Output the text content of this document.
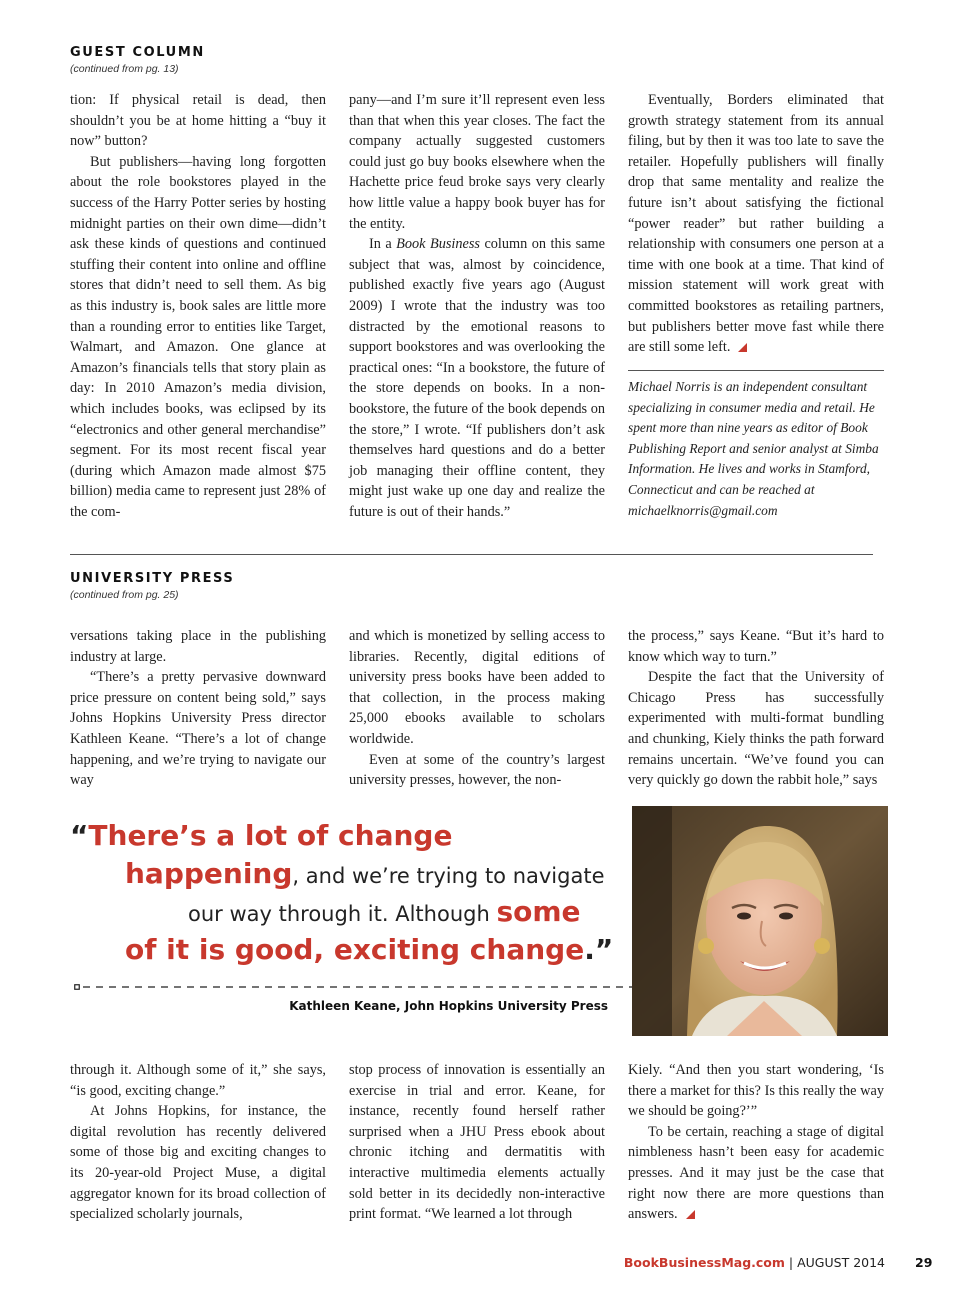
GUEST COLUMN
(continued from pg. 13)

tion: If physical retail is dead, then shouldn’t you be at home hitting a “buy it now” button?

But publishers—having long forgotten about the role bookstores played in the success of the Harry Potter series by hosting midnight parties on their own dime—didn’t ask these kinds of questions and continued stuffing their content into online and offline stores that didn’t need to sell them. As big as this industry is, book sales are little more than a rounding error to entities like Target, Walmart, and Amazon. One glance at Amazon’s financials tells that story plain as day: In 2010 Amazon’s media division, which includes books, was eclipsed by its “electronics and other general merchandise” segment. For its most recent fiscal year (during which Amazon made almost $75 billion) media came to represent just 28% of the com-

pany—and I’m sure it’ll represent even less than that when this year closes. The fact the company actually suggested customers could just go buy books elsewhere when the Hachette price feud broke says very clearly how little value a happy book buyer has for the entity.

In a Book Business column on this same subject that was, almost by coincidence, published exactly five years ago (August 2009) I wrote that the industry was too distracted by the emotional reasons to support bookstores and was overlooking the practical ones: “In a bookstore, the future of the store depends on books. In a non-bookstore, the future of the book depends on the store,” I wrote. “If publishers don’t ask themselves hard questions and do a better job managing their offline content, they might just wake up one day and realize the future is out of their hands.”

Eventually, Borders eliminated that growth strategy statement from its annual filing, but by then it was too late to save the retailer. Hopefully publishers will finally drop that same mentality and realize the future isn’t about satisfying the fictional “power reader” but rather building a relationship with consumers one person at a time with one book at a time. That kind of mission statement will work great with committed bookstores as retailing partners, but publishers better move fast while there are still some left.

Michael Norris is an independent consultant specializing in consumer media and retail. He spent more than nine years as editor of Book Publishing Report and senior analyst at Simba Information. He lives and works in Stamford, Connecticut and can be reached at michaelknorris@gmail.com
UNIVERSITY PRESS
(continued from pg. 25)

versations taking place in the publishing industry at large.

“There’s a pretty pervasive downward price pressure on content being sold,” says Johns Hopkins University Press director Kathleen Keane. “There’s a lot of change happening, and we’re trying to navigate our way

and which is monetized by selling access to libraries. Recently, digital editions of university press books have been added to that collection, in the process making 25,000 ebooks available to scholars worldwide.

Even at some of the country’s largest university presses, however, the non-

the process,” says Keane. “But it’s hard to know which way to turn.”

Despite the fact that the University of Chicago Press has successfully experimented with multi-format bundling and chunking, Kiely thinks the path forward remains uncertain. “We’ve found you can very quickly go down the rabbit hole,” says

“There’s a lot of change
happening, and we’re trying to navigate
our way through it. Although some
of it is good, exciting change.”
Kathleen Keane, John Hopkins University Press

through it. Although some of it,” she says, “is good, exciting change.”

At Johns Hopkins, for instance, the digital revolution has recently delivered some of those big and exciting changes to its 20-year-old Project Muse, a digital aggregator known for its broad collection of specialized scholarly journals,

stop process of innovation is essentially an exercise in trial and error. Keane, for instance, recently found herself rather surprised when a JHU Press ebook about chronic itching and dermatitis with interactive multimedia elements actually sold better in its decidedly non-interactive print format. “We learned a lot through

Kiely. “And then you start wondering, ‘Is there a market for this? Is this really the way we should be going?’”

To be certain, reaching a stage of digital nimbleness hasn’t been easy for academic presses. And it may just be the case that right now there are more questions than answers.

BookBusinessMag.com | AUGUST 2014 29
